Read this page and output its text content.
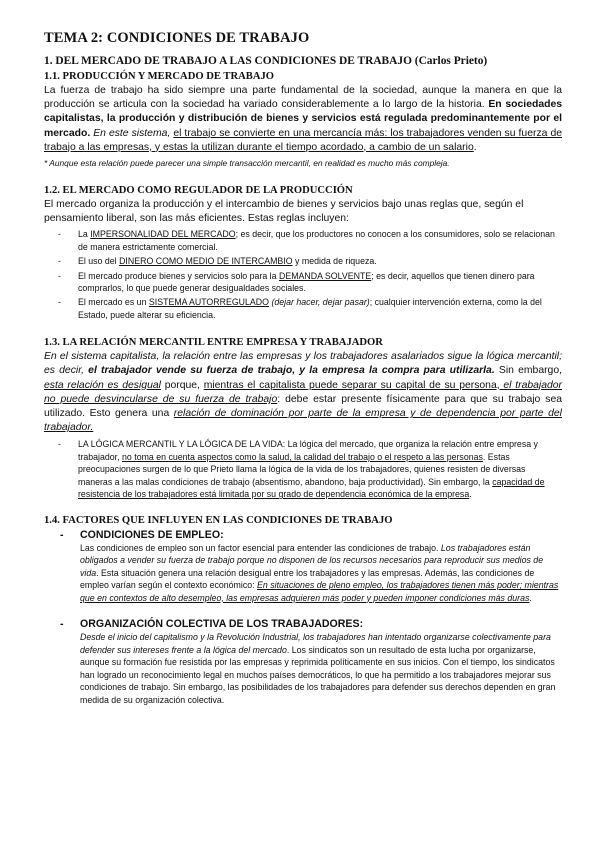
TEMA 2: CONDICIONES DE TRABAJO
1. DEL MERCADO DE TRABAJO A LAS CONDICIONES DE TRABAJO (Carlos Prieto)
1.1. PRODUCCIÓN Y MERCADO DE TRABAJO

La fuerza de trabajo ha sido siempre una parte fundamental de la sociedad, aunque la manera en que la producción se articula con la sociedad ha variado considerablemente a lo largo de la historia. En sociedades capitalistas, la producción y distribución de bienes y servicios está regulada predominantemente por el mercado. En este sistema, el trabajo se convierte en una mercancía más: los trabajadores venden su fuerza de trabajo a las empresas, y estas la utilizan durante el tiempo acordado, a cambio de un salario.

* Aunque esta relación puede parecer una simple transacción mercantil, en realidad es mucho más compleja.

1.2. EL MERCADO COMO REGULADOR DE LA PRODUCCIÓN

El mercado organiza la producción y el intercambio de bienes y servicios bajo unas reglas que, según el pensamiento liberal, son las más eficientes. Estas reglas incluyen:

- La IMPERSONALIDAD DEL MERCADO; es decir, que los productores no conocen a los consumidores, solo se relacionan de manera estrictamente comercial.
- El uso del DINERO COMO MEDIO DE INTERCAMBIO y medida de riqueza.
- El mercado produce bienes y servicios solo para la DEMANDA SOLVENTE; es decir, aquellos que tienen dinero para comprarlos, lo que puede generar desigualdades sociales.
- El mercado es un SISTEMA AUTORREGULADO (dejar hacer, dejar pasar); cualquier intervención externa, como la del Estado, puede alterar su eficiencia.
1.3. LA RELACIÓN MERCANTIL ENTRE EMPRESA Y TRABAJADOR

En el sistema capitalista, la relación entre las empresas y los trabajadores asalariados sigue la lógica mercantil; es decir, el trabajador vende su fuerza de trabajo, y la empresa la compra para utilizarla. Sin embargo, esta relación es desigual porque, mientras el capitalista puede separar su capital de su persona, el trabajador no puede desvincularse de su fuerza de trabajo: debe estar presente físicamente para que su trabajo sea utilizado. Esto genera una relación de dominación por parte de la empresa y de dependencia por parte del trabajador.

- LA LÓGICA MERCANTIL Y LA LÓGICA DE LA VIDA: La lógica del mercado, que organiza la relación entre empresa y trabajador, no toma en cuenta aspectos como la salud, la calidad del trabajo o el respeto a las personas. Estas preocupaciones surgen de lo que Prieto llama la lógica de la vida de los trabajadores, quienes resisten de diversas maneras a las malas condiciones de trabajo (absentismo, abandono, baja productividad). Sin embargo, la capacidad de resistencia de los trabajadores está limitada por su grado de dependencia económica de la empresa.
1.4. FACTORES QUE INFLUYEN EN LAS CONDICIONES DE TRABAJO
- CONDICIONES DE EMPLEO:
Las condiciones de empleo son un factor esencial para entender las condiciones de trabajo. Los trabajadores están obligados a vender su fuerza de trabajo porque no disponen de los recursos necesarios para reproducir sus medios de vida. Esta situación genera una relación desigual entre los trabajadores y las empresas. Además, las condiciones de empleo varían según el contexto económico: En situaciones de pleno empleo, los trabajadores tienen más poder; mientras que en contextos de alto desempleo, las empresas adquieren más poder y pueden imponer condiciones más duras.
- ORGANIZACIÓN COLECTIVA DE LOS TRABAJADORES:
Desde el inicio del capitalismo y la Revolución Industrial, los trabajadores han intentado organizarse colectivamente para defender sus intereses frente a la lógica del mercado. Los sindicatos son un resultado de esta lucha por organizarse, aunque su formación fue resistida por las empresas y reprimida políticamente en sus inicios. Con el tiempo, los sindicatos han logrado un reconocimiento legal en muchos países democráticos, lo que ha permitido a los trabajadores mejorar sus condiciones de trabajo. Sin embargo, las posibilidades de los trabajadores para defender sus derechos dependen en gran medida de su organización colectiva.
